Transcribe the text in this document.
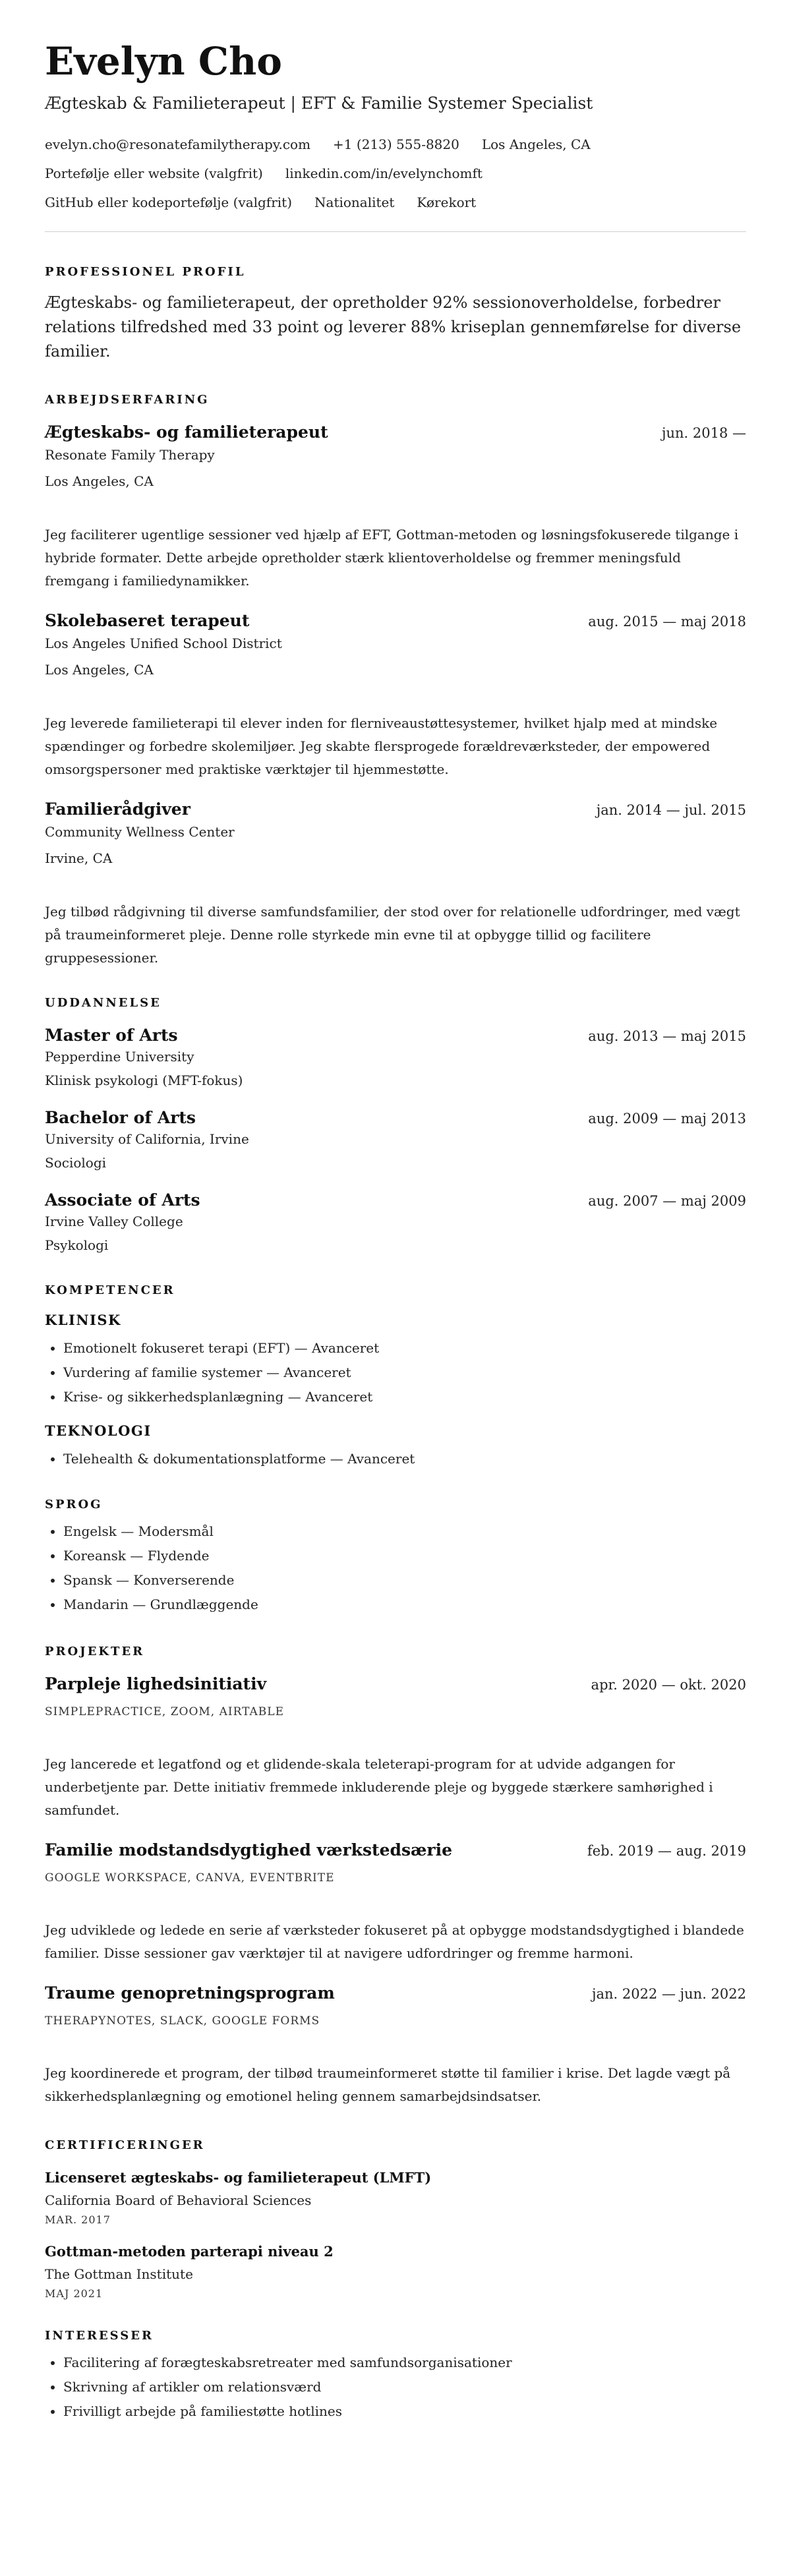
Evelyn Cho
Ægteskab & Familieterapeut | EFT & Familie Systemer Specialist
evelyn.cho@resonatefamilytherapy.com +1 (213) 555-8820 Los Angeles, CA
Portefølje eller website (valgfrit) linkedin.com/in/evelynchomft
GitHub eller kodeportefølje (valgfrit) Nationalitet Kørekort
PROFESSIONEL PROFIL
Ægteskabs- og familieterapeut, der opretholder 92% sessionoverholdelse, forbedrer relations tilfredshed med 33 point og leverer 88% kriseplan gennemførelse for diverse familier.
ARBEJDSERFARING
Ægteskabs- og familieterapeut	jun. 2018 —
Resonate Family Therapy
Los Angeles, CA
Jeg faciliterer ugentlige sessioner ved hjælp af EFT, Gottman-metoden og løsningsfokuserede tilgange i hybride formater. Dette arbejde opretholder stærk klientoverholdelse og fremmer meningsfuld fremgang i familiedynamikker.
Skolebaseret terapeut	aug. 2015 — maj 2018
Los Angeles Unified School District
Los Angeles, CA
Jeg leverede familieterapi til elever inden for flerniveaustøttesystemer, hvilket hjalp med at mindske spændinger og forbedre skolemiljøer. Jeg skabte flersprogede forældreværksteder, der empowered omsorgspersoner med praktiske værktøjer til hjemmestøtte.
Familierådgiver	jan. 2014 — jul. 2015
Community Wellness Center
Irvine, CA
Jeg tilbød rådgivning til diverse samfundsfamilier, der stod over for relationelle udfordringer, med vægt på traumeinformeret pleje. Denne rolle styrkede min evne til at opbygge tillid og facilitere gruppesessioner.
UDDANNELSE
Master of Arts	aug. 2013 — maj 2015
Pepperdine University
Klinisk psykologi (MFT-fokus)
Bachelor of Arts	aug. 2009 — maj 2013
University of California, Irvine
Sociologi
Associate of Arts	aug. 2007 — maj 2009
Irvine Valley College
Psykologi
KOMPETENCER
KLINISK
• Emotionelt fokuseret terapi (EFT) — Avanceret
• Vurdering af familie systemer — Avanceret
• Krise- og sikkerhedsplanlægning — Avanceret
TEKNOLOGI
• Telehealth & dokumentationsplatforme — Avanceret
SPROG
• Engelsk — Modersmål
• Koreansk — Flydende
• Spansk — Konverserende
• Mandarin — Grundlæggende
PROJEKTER
Parpleje lighedsinitiativ	apr. 2020 — okt. 2020
SIMPLEPRACTICE, ZOOM, AIRTABLE
Jeg lancerede et legatfond og et glidende-skala teleterapi-program for at udvide adgangen for underbetjente par. Dette initiativ fremmede inkluderende pleje og byggede stærkere samhørighed i samfundet.
Familie modstandsdygtighed værkstedsærie	feb. 2019 — aug. 2019
GOOGLE WORKSPACE, CANVA, EVENTBRITE
Jeg udviklede og ledede en serie af værksteder fokuseret på at opbygge modstandsdygtighed i blandede familier. Disse sessioner gav værktøjer til at navigere udfordringer og fremme harmoni.
Traume genopretningsprogram	jan. 2022 — jun. 2022
THERAPYNOTES, SLACK, GOOGLE FORMS
Jeg koordinerede et program, der tilbød traumeinformeret støtte til familier i krise. Det lagde vægt på sikkerhedsplanlægning og emotionel heling gennem samarbejdsindsatser.
CERTIFICERINGER
Licenseret ægteskabs- og familieterapeut (LMFT)
California Board of Behavioral Sciences
MAR. 2017
Gottman-metoden parterapi niveau 2
The Gottman Institute
MAJ 2021
INTERESSER
• Facilitering af forægteskabsretreater med samfundsorganisationer
• Skrivning af artikler om relationsværd
• Frivilligt arbejde på familiestøtte hotlines
